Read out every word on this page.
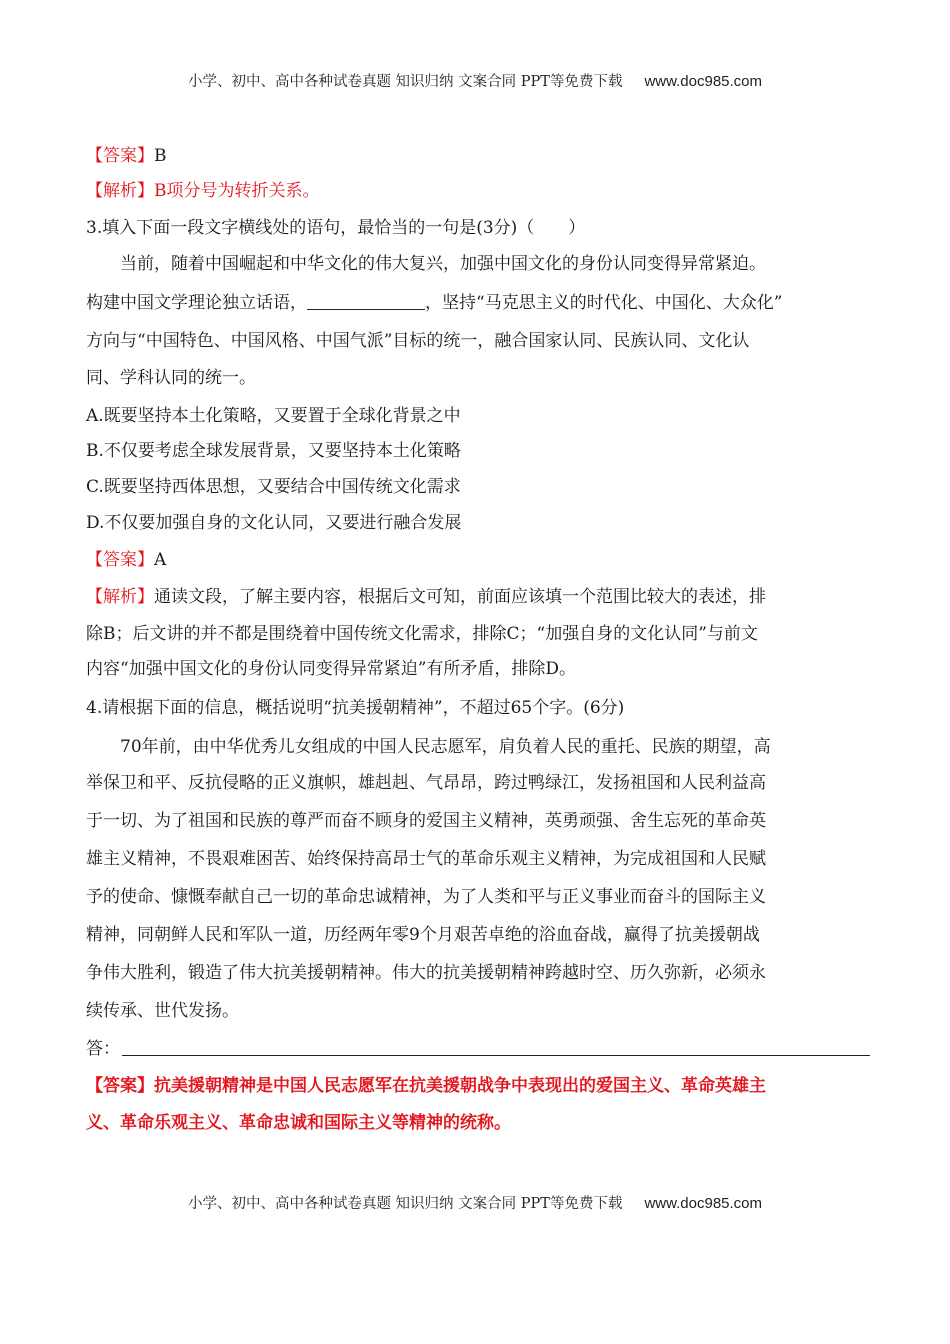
小学、初中、高中各种试卷真题 知识归纳 文案合同 PPT等免费下载 www.doc985.com
【答案】B
【解析】B项分号为转折关系。
3.填入下面一段文字横线处的语句，最恰当的一句是(3分)（　　）
当前，随着中国崛起和中华文化的伟大复兴，加强中国文化的身份认同变得异常紧迫。
构建中国文学理论独立话语，	，坚持“马克思主义的时代化、中国化、大众化”
方向与“中国特色、中国风格、中国气派”目标的统一，融合国家认同、民族认同、文化认
同、学科认同的统一。
A.既要坚持本土化策略，又要置于全球化背景之中
B.不仅要考虑全球发展背景，又要坚持本土化策略
C.既要坚持西体思想，又要结合中国传统文化需求
D.不仅要加强自身的文化认同，又要进行融合发展
【答案】A
【解析】通读文段，了解主要内容，根据后文可知，前面应该填一个范围比较大的表述，排
除B；后文讲的并不都是围绕着中国传统文化需求，排除C；“加强自身的文化认同”与前文
内容“加强中国文化的身份认同变得异常紧迫”有所矛盾，排除D。
4.请根据下面的信息，概括说明“抗美援朝精神”，不超过65个字。(6分)
70年前，由中华优秀儿女组成的中国人民志愿军，肩负着人民的重托、民族的期望，高
举保卫和平、反抗侵略的正义旗帜，雄赳赳、气昂昂，跨过鸭绿江，发扬祖国和人民利益高
于一切、为了祖国和民族的尊严而奋不顾身的爱国主义精神，英勇顽强、舍生忘死的革命英
雄主义精神，不畏艰难困苦、始终保持高昂士气的革命乐观主义精神，为完成祖国和人民赋
予的使命、慷慨奉献自己一切的革命忠诚精神，为了人类和平与正义事业而奋斗的国际主义
精神，同朝鲜人民和军队一道，历经两年零9个月艰苦卓绝的浴血奋战，赢得了抗美援朝战
争伟大胜利，锻造了伟大抗美援朝精神。伟大的抗美援朝精神跨越时空、历久弥新，必须永
续传承、世代发扬。
答：
【答案】抗美援朝精神是中国人民志愿军在抗美援朝战争中表现出的爱国主义、革命英雄主
义、革命乐观主义、革命忠诚和国际主义等精神的统称。
小学、初中、高中各种试卷真题 知识归纳 文案合同 PPT等免费下载 www.doc985.com
